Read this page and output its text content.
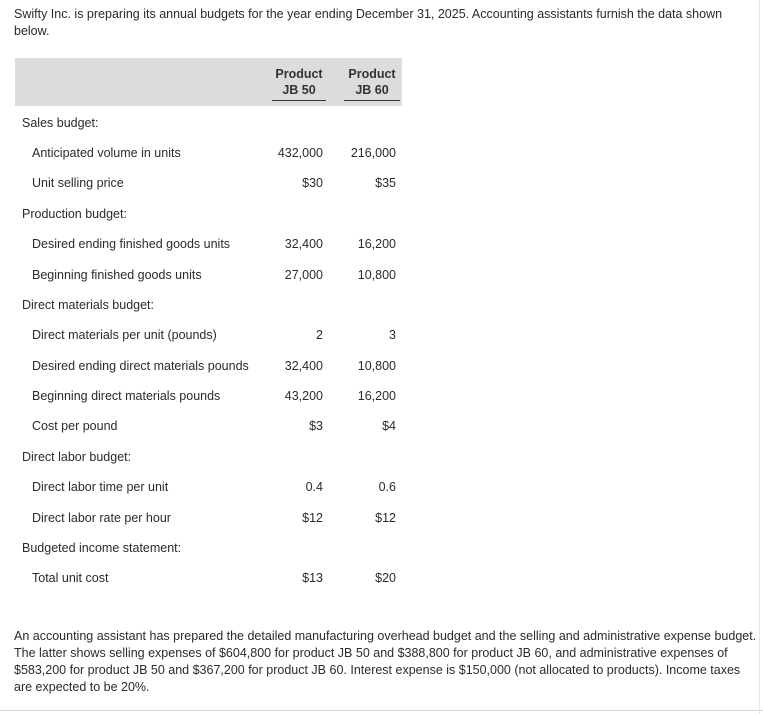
Swifty Inc. is preparing its annual budgets for the year ending December 31, 2025. Accounting assistants furnish the data shown below.
Product
JB 50
Product
JB 60
Sales budget:
Anticipated volume in units	432,000	216,000
Unit selling price	$30	$35
Production budget:
Desired ending finished goods units	32,400	16,200
Beginning finished goods units	27,000	10,800
Direct materials budget:
Direct materials per unit (pounds)	2	3
Desired ending direct materials pounds	32,400	10,800
Beginning direct materials pounds	43,200	16,200
Cost per pound	$3	$4
Direct labor budget:
Direct labor time per unit	0.4	0.6
Direct labor rate per hour	$12	$12
Budgeted income statement:
Total unit cost	$13	$20
An accounting assistant has prepared the detailed manufacturing overhead budget and the selling and administrative expense budget. The latter shows selling expenses of $604,800 for product JB 50 and $388,800 for product JB 60, and administrative expenses of $583,200 for product JB 50 and $367,200 for product JB 60. Interest expense is $150,000 (not allocated to products). Income taxes are expected to be 20%.
